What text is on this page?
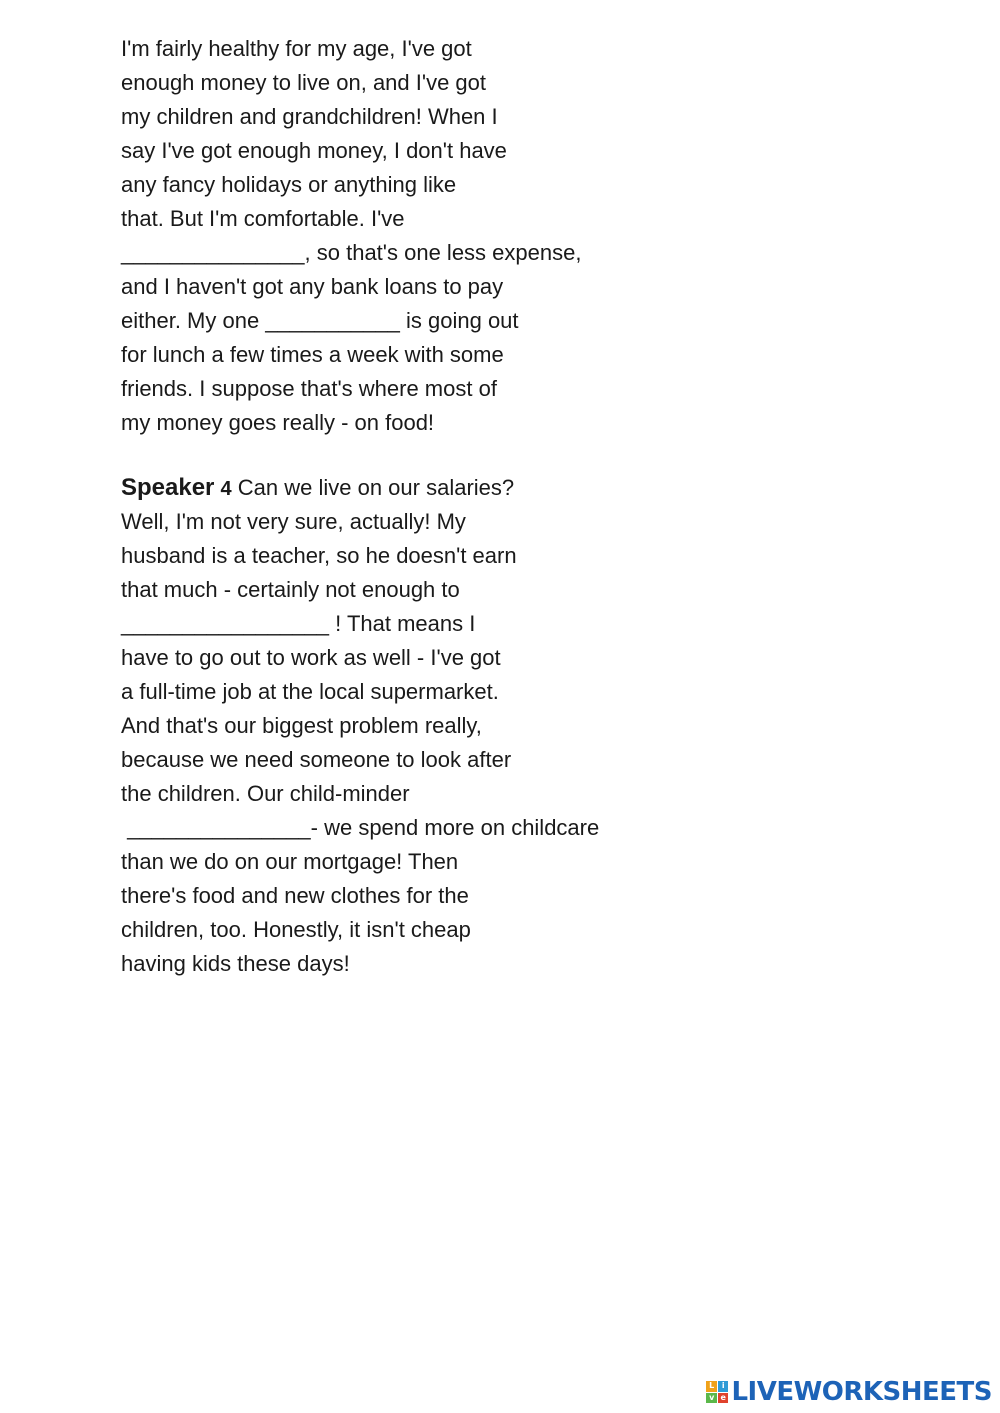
I'm fairly healthy for my age, I've got
enough money to live on, and I've got
my children and grandchildren! When I
say I've got enough money, I don't have
any fancy holidays or anything like
that. But I'm comfortable. I've
_______________, so that's one less expense,
and I haven't got any bank loans to pay
either. My one ___________ is going out
for lunch a few times a week with some
friends. I suppose that's where most of
my money goes really - on food!
Speaker 4 Can we live on our salaries?
Well, I'm not very sure, actually! My
husband is a teacher, so he doesn't earn
that much - certainly not enough to
_________________ ! That means I
have to go out to work as well - I've got
a full-time job at the local supermarket.
And that's our biggest problem really,
because we need someone to look after
the children. Our child-minder
_______________- we spend more on childcare
than we do on our mortgage! Then
there's food and new clothes for the
children, too. Honestly, it isn't cheap
having kids these days!
L i
v e LIVEWORKSHEETS
